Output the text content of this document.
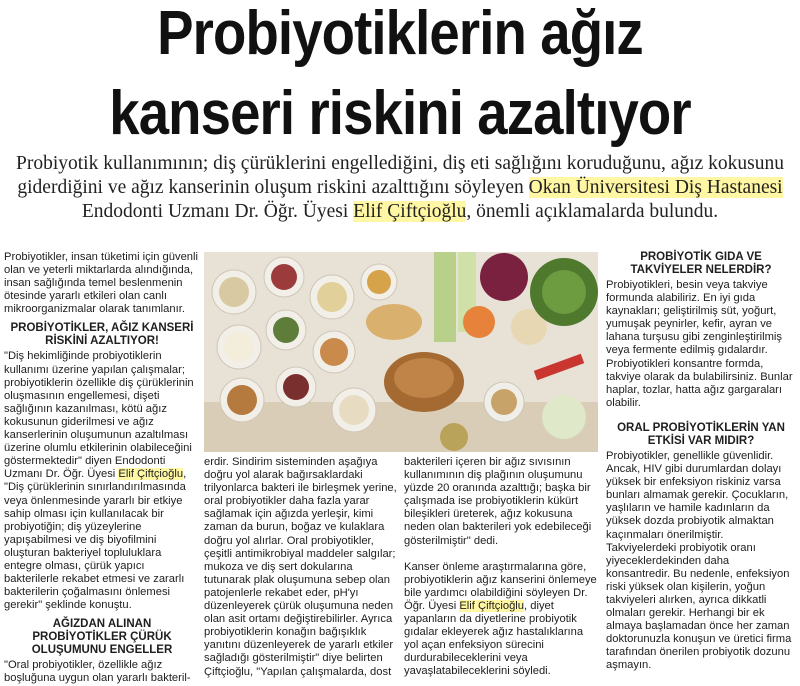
Probiyotiklerin ağız
kanseri riskini azaltıyor
Probiyotik kullanımının; diş çürüklerini engellediğini, diş eti sağlığını koruduğunu, ağız kokusunu giderdiğini ve ağız kanserinin oluşum riskini azalttığını söyleyen Okan Üniversitesi Diş Hastanesi Endodonti Uzmanı Dr. Öğr. Üyesi Elif Çiftçioğlu, önemli açıklamalarda bulundu.

Probiyotikler, insan tüketimi için güvenli olan ve yeterli miktarlarda alındığında, insan sağlığında temel beslenmenin ötesinde yararlı etkileri olan canlı mikroorganizmalar olarak tanımlanır.

PROBİYOTİKLER, AĞIZ KANSERİ RİSKİNİ AZALTIYOR!

"Diş hekimliğinde probiyotiklerin kullanımı üzerine yapılan çalışmalar; probiyotiklerin özellikle diş çürüklerinin oluşmasının engellemesi, dişeti sağlığının kazanılması, kötü ağız kokusunun giderilmesi ve ağız kanserlerinin oluşumunun azaltılması üzerine olumlu etkilerinin olabileceğini göstermektedir" diyen Endodonti Uzmanı Dr. Öğr. Üyesi Elif Çiftçioğlu, "Diş çürüklerinin sınırlandırılmasında veya önlenmesinde yararlı bir etkiye sahip olması için kullanılacak bir probiyotiğin; diş yüzeylerine yapışabilmesi ve diş biyofilmini oluşturan bakteriyel topluluklara entegre olması, çürük yapıcı bakterilerle rekabet etmesi ve zararlı bakterilerin çoğalmasını önlemesi gerekir" şeklinde konuştu.

AĞIZDAN ALINAN PROBİYOTİKLER ÇÜRÜK OLUŞUMUNU ENGELLER

"Oral probiyotikler, özellikle ağız boşluğuna uygun olan yararlı bakteril-

erdir. Sindirim sisteminden aşağıya doğru yol alarak bağırsaklardaki trilyonlarca bakteri ile birleşmek yerine, oral probiyotikler daha fazla yarar sağlamak için ağızda yerleşir, kimi zaman da burun, boğaz ve kulaklara doğru yol alırlar. Oral probiyotikler, çeşitli antimikrobiyal maddeler salgılar; mukoza ve diş sert dokularına tutunarak plak oluşumuna sebep olan patojenlerle rekabet eder, pH'yı düzenleyerek çürük oluşumuna neden olan asit ortamı değiştirebilirler. Ayrıca probiyotiklerin konağın bağışıklık yanıtını düzenleyerek de yararlı etkiler sağladığı gösterilmiştir" diye belirten Çiftçioğlu, "Yapılan çalışmalarda, dost

bakterileri içeren bir ağız sıvısının kullanımının diş plağının oluşumunu yüzde 20 oranında azalttığı; başka bir çalışmada ise probiyotiklerin kükürt bileşikleri üreterek, ağız kokusuna neden olan bakterileri yok edebileceği gösterilmiştir" dedi.

Kanser önleme araştırmalarına göre, probiyotiklerin ağız kanserini önlemeye bile yardımcı olabildiğini söyleyen Dr. Öğr. Üyesi Elif Çiftçioğlu, diyet yapanların da diyetlerine probiyotik gıdalar ekleyerek ağız hastalıklarına yol açan enfeksiyon sürecini durdurabileceklerini veya yavaşlatabileceklerini söyledi.

PROBİYOTİK GIDA VE TAKVİYELER NELERDİR?

Probiyotikleri, besin veya takviye formunda alabiliriz. En iyi gıda kaynakları; geliştirilmiş süt, yoğurt, yumuşak peynirler, kefir, ayran ve lahana turşusu gibi zenginleştirilmiş veya fermente edilmiş gıdalardır. Probiyotikleri konsantre formda, takviye olarak da bulabilirsiniz. Bunlar haplar, tozlar, hatta ağız gargaraları olabilir.

ORAL PROBİYOTİKLERİN YAN ETKİSİ VAR MIDIR?

Probiyotikler, genellikle güvenlidir. Ancak, HIV gibi durumlardan dolayı yüksek bir enfeksiyon riskiniz varsa bunları almamak gerekir. Çocukların, yaşlıların ve hamile kadınların da yüksek dozda probiyotik almaktan kaçınmaları önerilmiştir. Takviyelerdeki probiyotik oranı yiyeceklerdekinden daha konsantredir. Bu nedenle, enfeksiyon riski yüksek olan kişilerin, yoğun takviyeleri alırken, ayrıca dikkatli olmaları gerekir. Herhangi bir ek almaya başlamadan önce her zaman doktorunuzla konuşun ve üretici firma tarafından önerilen probiyotik dozunu aşmayın.
